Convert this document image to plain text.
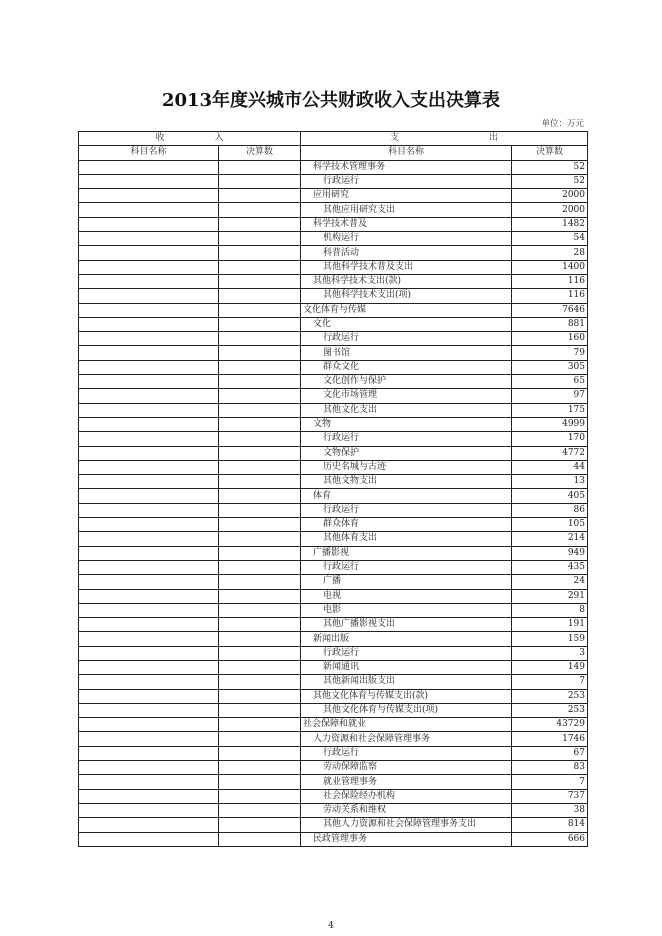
2013年度兴城市公共财政收入支出决算表
单位：万元
收 入		支 出	
科目名称	决算数	科目名称	决算数
		科学技术管理事务	52
		行政运行	52
		应用研究	2000
		其他应用研究支出	2000
		科学技术普及	1482
		机构运行	54
		科普活动	28
		其他科学技术普及支出	1400
		其他科学技术支出(款)	116
		其他科学技术支出(项)	116
		文化体育与传媒	7646
		文化	881
		行政运行	160
		图书馆	79
		群众文化	305
		文化创作与保护	65
		文化市场管理	97
		其他文化支出	175
		文物	4999
		行政运行	170
		文物保护	4772
		历史名城与古迹	44
		其他文物支出	13
		体育	405
		行政运行	86
		群众体育	105
		其他体育支出	214
		广播影视	949
		行政运行	435
		广播	24
		电视	291
		电影	8
		其他广播影视支出	191
		新闻出版	159
		行政运行	3
		新闻通讯	149
		其他新闻出版支出	7
		其他文化体育与传媒支出(款)	253
		其他文化体育与传媒支出(项)	253
		社会保障和就业	43729
		人力资源和社会保障管理事务	1746
		行政运行	67
		劳动保障监察	83
		就业管理事务	7
		社会保险经办机构	737
		劳动关系和维权	38
		其他人力资源和社会保障管理事务支出	814
		民政管理事务	666
4
